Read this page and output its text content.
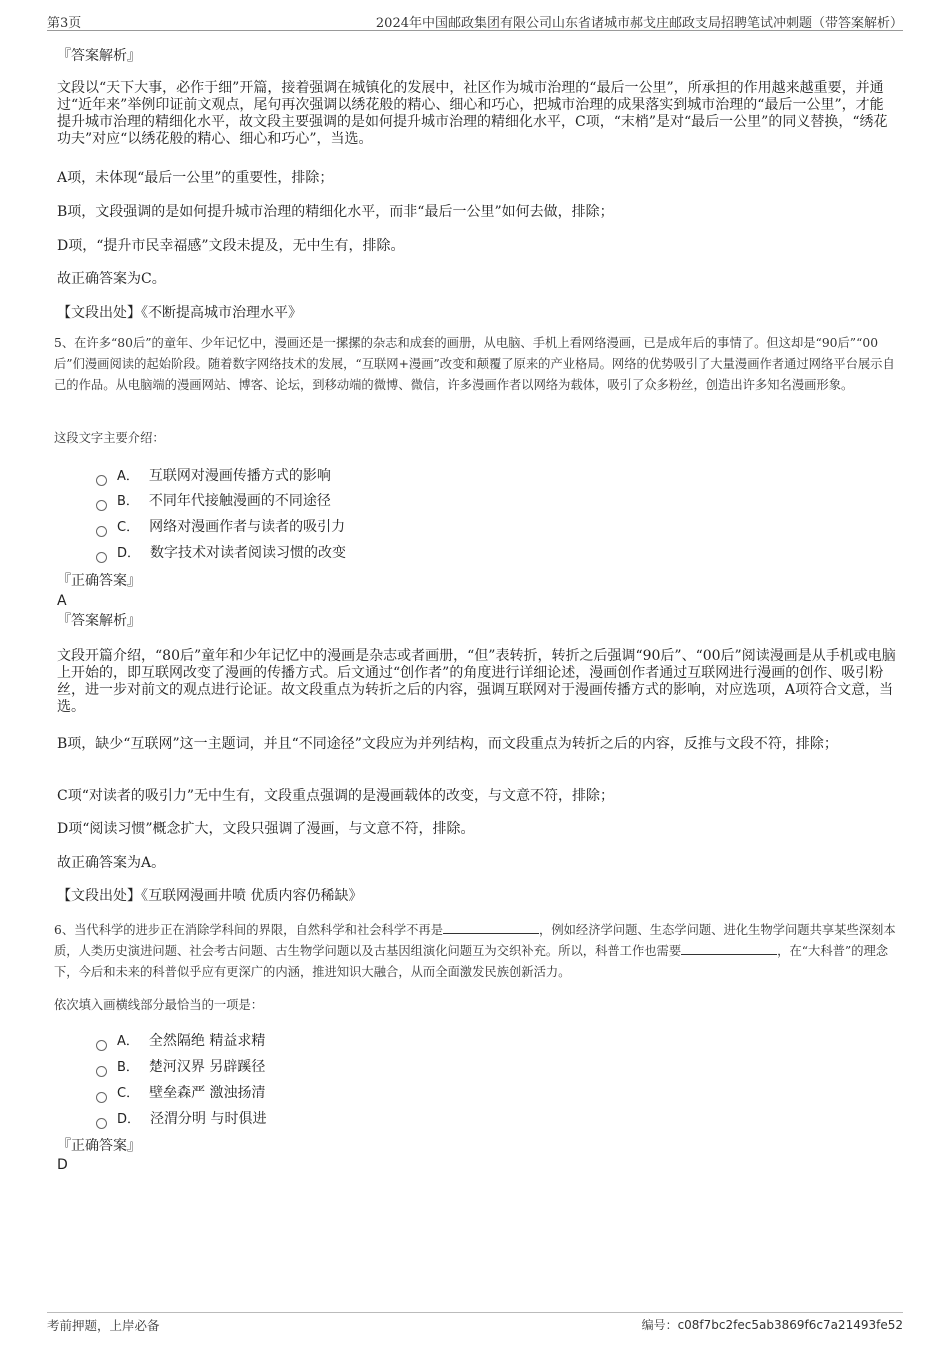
第3页	2024年中国邮政集团有限公司山东省诸城市郝戈庄邮政支局招聘笔试冲刺题（带答案解析）
『答案解析』
文段以“天下大事，必作于细”开篇，接着强调在城镇化的发展中，社区作为城市治理的“最后一公里”，所承担的作用越来越重要，并通过“近年来”举例印证前文观点，尾句再次强调以绣花般的精心、细心和巧心，把城市治理的成果落实到城市治理的“最后一公里”，才能提升城市治理的精细化水平，故文段主要强调的是如何提升城市治理的精细化水平，C项，“末梢”是对“最后一公里”的同义替换，“绣花功夫”对应“以绣花般的精心、细心和巧心”，当选。
A项，未体现“最后一公里”的重要性，排除；
B项，文段强调的是如何提升城市治理的精细化水平，而非“最后一公里”如何去做，排除；
D项，“提升市民幸福感”文段未提及，无中生有，排除。
故正确答案为C。
【文段出处】《不断提高城市治理水平》
5、在许多“80后”的童年、少年记忆中，漫画还是一摞摞的杂志和成套的画册，从电脑、手机上看网络漫画，已是成年后的事情了。但这却是“90后”“00后”们漫画阅读的起始阶段。随着数字网络技术的发展，“互联网+漫画”改变和颠覆了原来的产业格局。网络的优势吸引了大量漫画作者通过网络平台展示自己的作品。从电脑端的漫画网站、博客、论坛，到移动端的微博、微信，许多漫画作者以网络为载体，吸引了众多粉丝，创造出许多知名漫画形象。
这段文字主要介绍：
A． 互联网对漫画传播方式的影响
B． 不同年代接触漫画的不同途径
C． 网络对漫画作者与读者的吸引力
D． 数字技术对读者阅读习惯的改变
『正确答案』
A
『答案解析』
文段开篇介绍，“80后”童年和少年记忆中的漫画是杂志或者画册，“但”表转折，转折之后强调“90后”、“00后”阅读漫画是从手机或电脑上开始的，即互联网改变了漫画的传播方式。后文通过“创作者”的角度进行详细论述，漫画创作者通过互联网进行漫画的创作、吸引粉丝，进一步对前文的观点进行论证。故文段重点为转折之后的内容，强调互联网对于漫画传播方式的影响，对应选项，A项符合文意，当选。
B项，缺少“互联网”这一主题词，并且“不同途径”文段应为并列结构，而文段重点为转折之后的内容，反推与文段不符，排除；
C项“对读者的吸引力”无中生有，文段重点强调的是漫画载体的改变，与文意不符，排除；
D项“阅读习惯”概念扩大，文段只强调了漫画，与文意不符，排除。
故正确答案为A。
【文段出处】《互联网漫画井喷 优质内容仍稀缺》
6、当代科学的进步正在消除学科间的界限，自然科学和社会科学不再是	，例如经济学问题、生态学问题、进化生物学问题共享某些深刻本质，人类历史演进问题、社会考古问题、古生物学问题以及古基因组演化问题互为交织补充。所以，科普工作也需要	，在“大科普”的理念下，今后和未来的科普似乎应有更深广的内涵，推进知识大融合，从而全面激发民族创新活力。
依次填入画横线部分最恰当的一项是：
A． 全然隔绝 精益求精
B． 楚河汉界 另辟蹊径
C． 壁垒森严 激浊扬清
D． 泾渭分明 与时俱进
『正确答案』
D
考前押题，上岸必备	编号：c08f7bc2fec5ab3869f6c7a21493fe52
